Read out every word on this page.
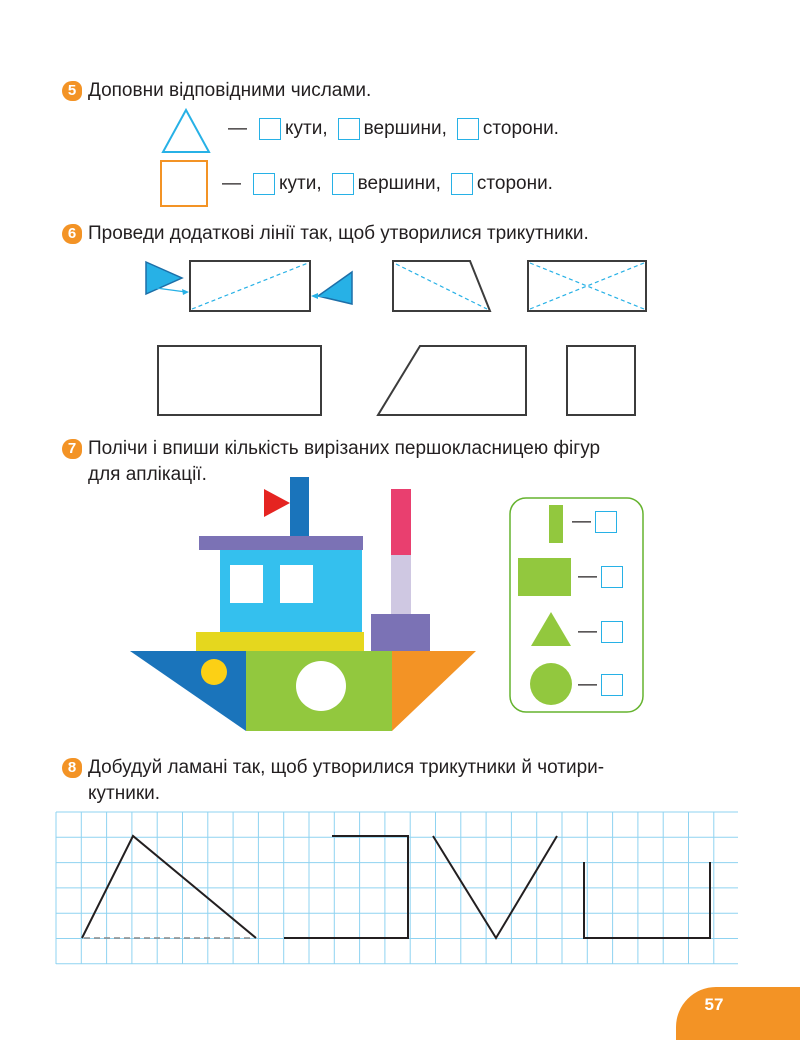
5 Доповни відповідними числами.
— кути, вершини, сторони.
— кути, вершини, сторони.
6 Проведи додаткові лінії так, щоб утворилися трикутники.
7 Полічи і впиши кількість вирізаних першокласницею фігур
для аплікації.
—
—
—
—
8 Добудуй ламані так, щоб утворилися трикутники й чотири-
кутники.
57
